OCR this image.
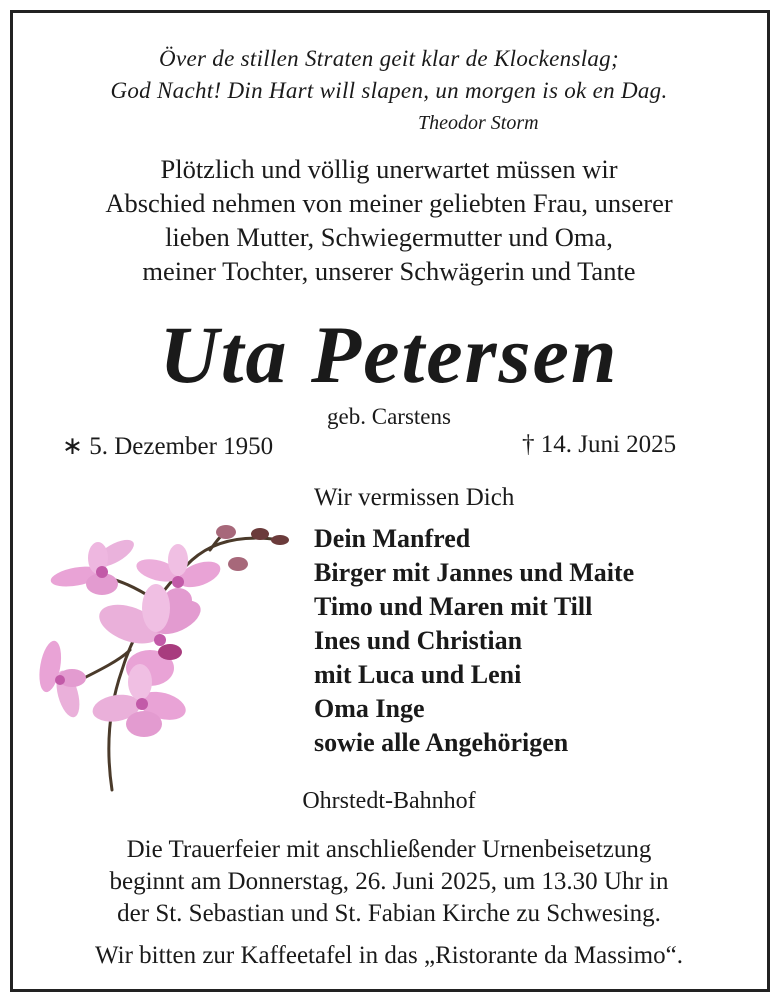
Över de stillen Straten geit klar de Klockenslag;
God Nacht! Din Hart will slapen, un morgen is ok en Dag.
Theodor Storm
Plötzlich und völlig unerwartet müssen wir
Abschied nehmen von meiner geliebten Frau, unserer
lieben Mutter, Schwiegermutter und Oma,
meiner Tochter, unserer Schwägerin und Tante
Uta Petersen
geb. Carstens
∗ 5. Dezember 1950	† 14. Juni 2025
Wir vermissen Dich
Dein Manfred
Birger mit Jannes und Maite
Timo und Maren mit Till
Ines und Christian
mit Luca und Leni
Oma Inge
sowie alle Angehörigen
Ohrstedt-Bahnhof
Die Trauerfeier mit anschließender Urnenbeisetzung
beginnt am Donnerstag, 26. Juni 2025, um 13.30 Uhr in
der St. Sebastian und St. Fabian Kirche zu Schwesing.
Wir bitten zur Kaffeetafel in das „Ristorante da Massimo“.
